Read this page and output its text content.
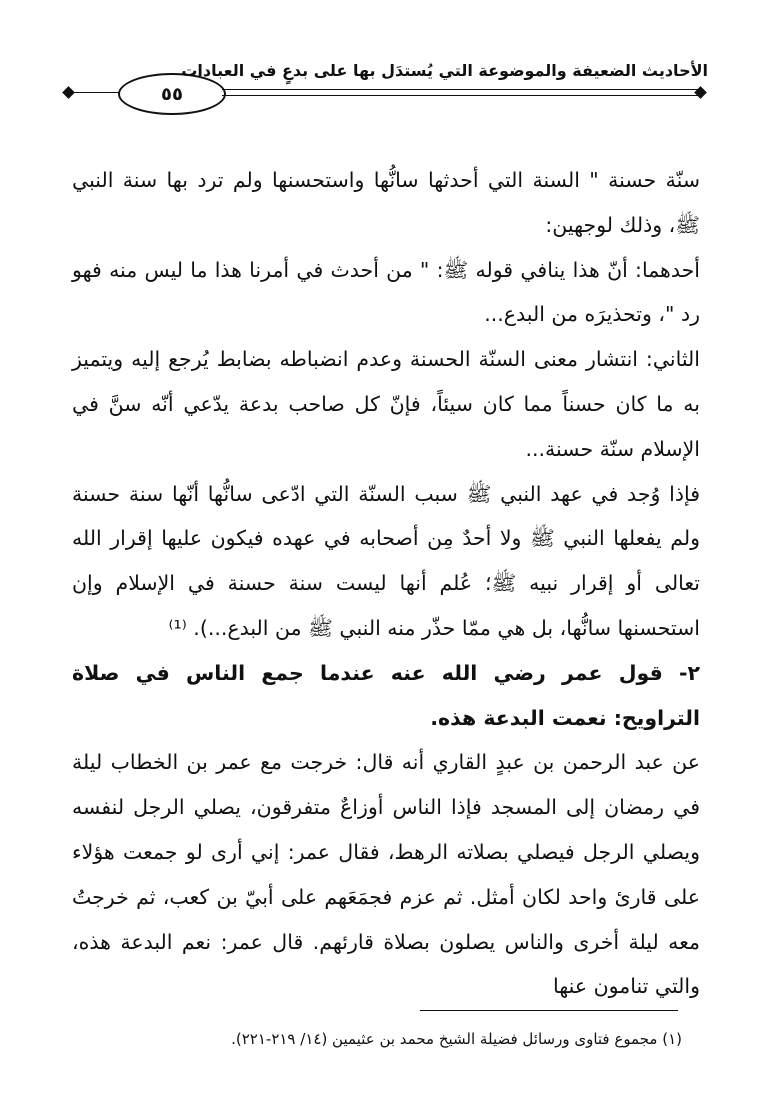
٥٥
الأحاديث الضعيفة والموضوعة التي يُستدَل بها على بدعٍ في العبادات

سنّة حسنة " السنة التي أحدثها سانُّها واستحسنها ولم ترد بها سنة النبي ﷺ، وذلك لوجهين:

أحدهما: أنّ هذا ينافي قوله ﷺ: " من أحدث في أمرنا هذا ما ليس منه فهو رد "، وتحذيرَه من البدع...

الثاني: انتشار معنى السنّة الحسنة وعدم انضباطه بضابط يُرجع إليه ويتميز به ما كان حسناً مما كان سيئاً، فإنّ كل صاحب بدعة يدّعي أنّه سنَّ في الإسلام سنّة حسنة...

فإذا وُجد في عهد النبي ﷺ سبب السنّة التي ادّعى سانُّها أنّها سنة حسنة ولم يفعلها النبي ﷺ ولا أحدٌ مِن أصحابه في عهده فيكون عليها إقرار الله تعالى أو إقرار نبيه ﷺ؛ عُلم أنها ليست سنة حسنة في الإسلام وإن استحسنها سانُّها، بل هي ممّا حذّر منه النبي ﷺ من البدع...). ⁽¹⁾

٢- قول عمر رضي الله عنه عندما جمع الناس في صلاة التراويح: نعمت البدعة هذه.

عن عبد الرحمن بن عبدٍ القاري أنه قال: خرجت مع عمر بن الخطاب ليلة في رمضان إلى المسجد فإذا الناس أوزاعٌ متفرقون، يصلي الرجل لنفسه ويصلي الرجل فيصلي بصلاته الرهط، فقال عمر: إني أرى لو جمعت هؤلاء على قارئ واحد لكان أمثل. ثم عزم فجمَعَهم على أبيّ بن كعب، ثم خرجتُ معه ليلة أخرى والناس يصلون بصلاة قارئهم. قال عمر: نعم البدعة هذه، والتي تنامون عنها

(١) مجموع فتاوى ورسائل فضيلة الشيخ محمد بن عثيمين (١٤/ ٢١٩-٢٢١).
